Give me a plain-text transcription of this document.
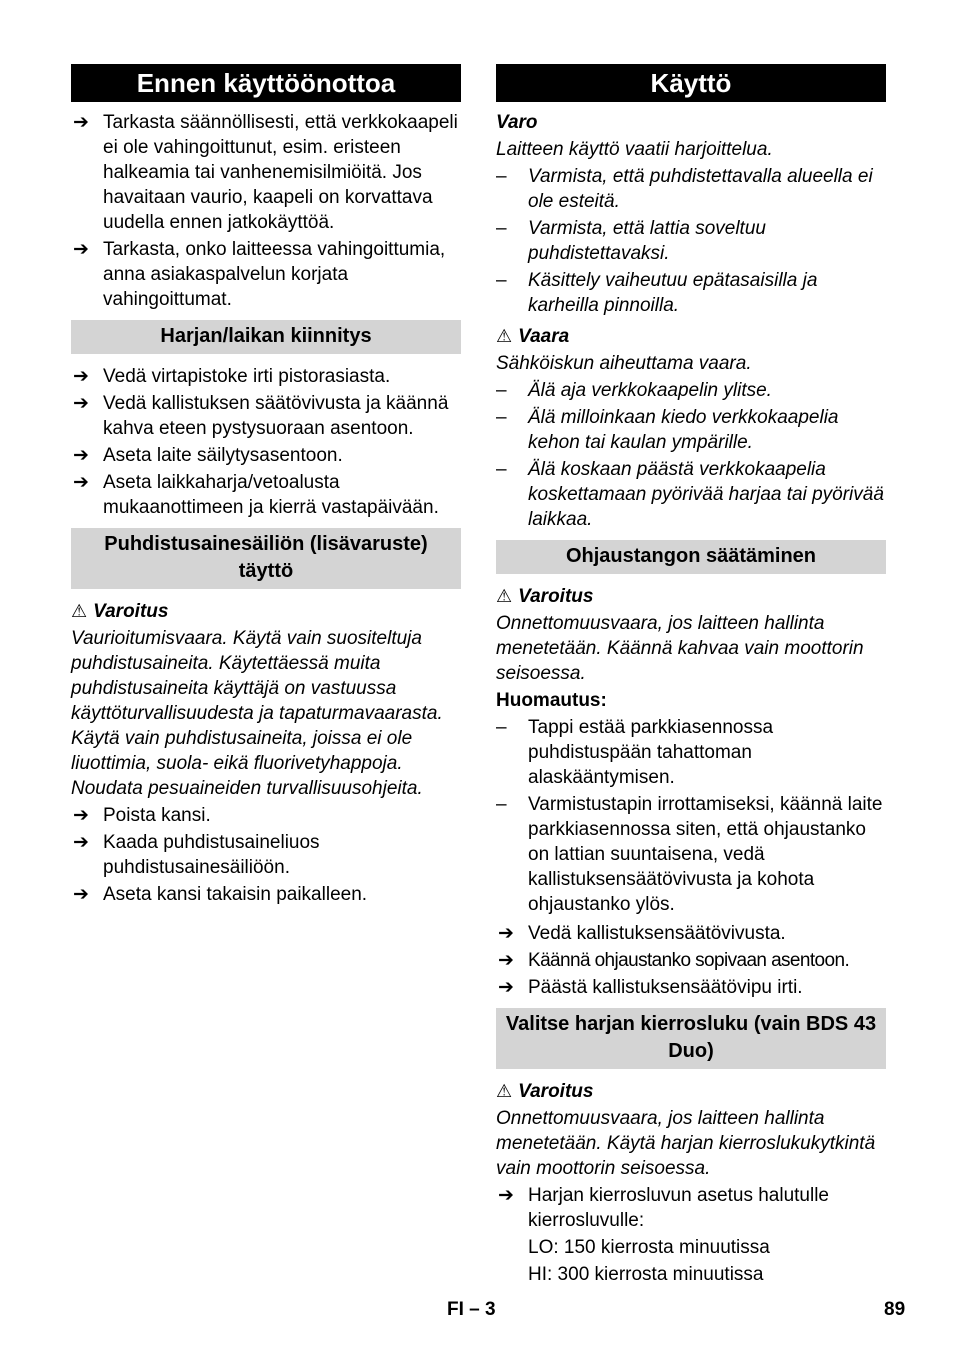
Ennen käyttöönottoa
➔ Tarkasta säännöllisesti, että verkkokaapeli ei ole vahingoittunut, esim. eristeen halkeamia tai vanhenemisilmiöitä. Jos havaitaan vaurio, kaapeli on korvattava uudella ennen jatkokäyttöä.
➔ Tarkasta, onko laitteessa vahingoittumia, anna asiakaspalvelun korjata vahingoittumat.
Harjan/laikan kiinnitys
➔ Vedä virtapistoke irti pistorasiasta.
➔ Vedä kallistuksen säätövivusta ja käännä kahva eteen pystysuoraan asentoon.
➔ Aseta laite säilytysasentoon.
➔ Aseta laikkaharja/vetoalusta mukaanottimeen ja kierrä vastapäivään.
Puhdistusainesäiliön (lisävaruste) täyttö
⚠ Varoitus
Vaurioitumisvaara. Käytä vain suositeltuja puhdistusaineita. Käytettäessä muita puhdistusaineita käyttäjä on vastuussa käyttöturvallisuudesta ja tapaturmavaarasta. Käytä vain puhdistusaineita, joissa ei ole liuottimia, suola- eikä fluorivetyhappoja. Noudata pesuaineiden turvallisuusohjeita.
➔ Poista kansi.
➔ Kaada puhdistusaineliuos puhdistusainesäiliöön.
➔ Aseta kansi takaisin paikalleen.
Käyttö
Varo
Laitteen käyttö vaatii harjoittelua.
– Varmista, että puhdistettavalla alueella ei ole esteitä.
– Varmista, että lattia soveltuu puhdistettavaksi.
– Käsittely vaiheutuu epätasaisilla ja karheilla pinnoilla.
⚠ Vaara
Sähköiskun aiheuttama vaara.
– Älä aja verkkokaapelin ylitse.
– Älä milloinkaan kiedo verkkokaapelia kehon tai kaulan ympärille.
– Älä koskaan päästä verkkokaapelia koskettamaan pyörivää harjaa tai pyörivää laikkaa.
Ohjaustangon säätäminen
⚠ Varoitus
Onnettomuusvaara, jos laitteen hallinta menetetään. Käännä kahvaa vain moottorin seisoessa.
Huomautus:
– Tappi estää parkkiasennossa puhdistuspään tahattoman alaskääntymisen.
– Varmistustapin irrottamiseksi, käännä laite parkkiasennossa siten, että ohjaustanko on lattian suuntaisena, vedä kallistuksensäätövivusta ja kohota ohjaustanko ylös.
➔ Vedä kallistuksensäätövivusta.
➔ Käännä ohjaustanko sopivaan asentoon.
➔ Päästä kallistuksensäätövipu irti.
Valitse harjan kierrosluku (vain BDS 43 Duo)
⚠ Varoitus
Onnettomuusvaara, jos laitteen hallinta menetetään. Käytä harjan kierroslukukytkintä vain moottorin seisoessa.
➔ Harjan kierrosluvun asetus halutulle kierrosluvulle:
LO: 150 kierrosta minuutissa
HI: 300 kierrosta minuutissa
FI – 3	89
